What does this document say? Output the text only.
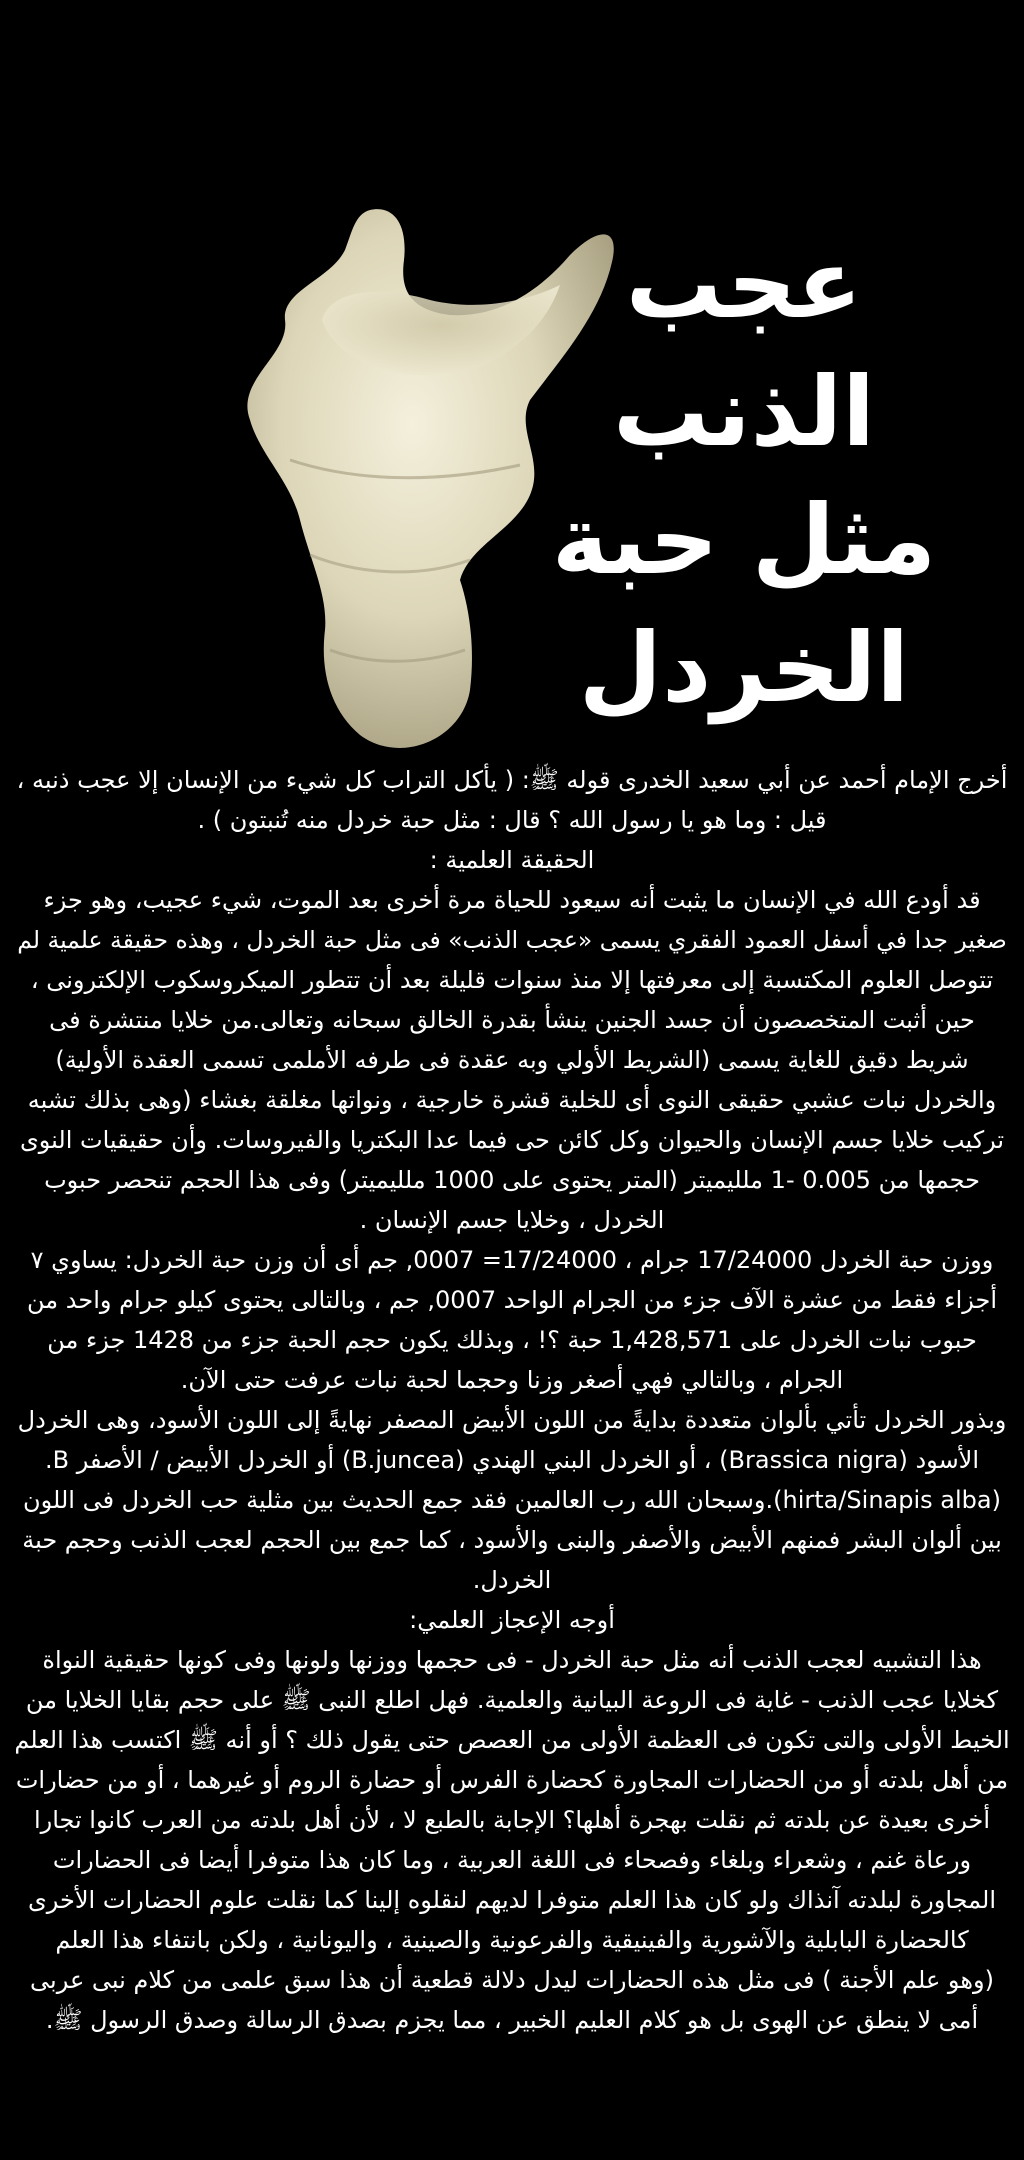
عجب
الذنب
مثل حبة
الخردل
أخرج الإمام أحمد عن أبي سعيد الخدرى قوله ﷺ: ( يأكل التراب كل شيء من الإنسان إلا عجب ذنبه ،
قيل : وما هو يا رسول الله ؟ قال : مثل حبة خردل منه تُنبتون ) .
الحقيقة العلمية :
قد أودع الله في الإنسان ما يثبت أنه سيعود للحياة مرة أخرى بعد الموت، شيء عجيب، وهو جزء
صغير جدا في أسفل العمود الفقري يسمى «عجب الذنب» فى مثل حبة الخردل ، وهذه حقيقة علمية لم
تتوصل العلوم المكتسبة إلى معرفتها إلا منذ سنوات قليلة بعد أن تتطور الميكروسكوب الإلكترونى ،
حين أثبت المتخصصون أن جسد الجنين ينشأ بقدرة الخالق سبحانه وتعالى.من خلايا منتشرة فى
شريط دقيق للغاية يسمى (الشريط الأولي وبه عقدة فى طرفه الأملمى تسمى العقدة الأولية)
والخردل نبات عشبي حقيقى النوى أى للخلية قشرة خارجية ، ونواتها مغلقة بغشاء (وهى بذلك تشبه
تركيب خلايا جسم الإنسان والحيوان وكل كائن حى فيما عدا البكتريا والفيروسات. وأن حقيقيات النوى
حجمها من 0.005 -1 ملليميتر (المتر يحتوى على 1000 ملليميتر) وفى هذا الحجم تنحصر حبوب
الخردل ، وخلايا جسم الإنسان .
ووزن حبة الخردل 17/24000 جرام ، 17/24000= 0007, جم أى أن وزن حبة الخردل: يساوي ٧
أجزاء فقط من عشرة الآف جزء من الجرام الواحد 0007, جم ، وبالتالى يحتوى كيلو جرام واحد من
حبوب نبات الخردل على 1,428,571 حبة ؟! ، وبذلك يكون حجم الحبة جزء من 1428 جزء من
الجرام ، وبالتالي فهي أصغر وزنا وحجما لحبة نبات عرفت حتى الآن.
وبذور الخردل تأتي بألوان متعددة بدايةً من اللون الأبيض المصفر نهايةً إلى اللون الأسود، وهى الخردل
الأسود (Brassica nigra) ، أو الخردل البني الهندي (B.juncea) أو الخردل الأبيض / الأصفر B.
(hirta/Sinapis alba).وسبحان الله رب العالمين فقد جمع الحديث بين مثلية حب الخردل فى اللون
بين ألوان البشر فمنهم الأبيض والأصفر والبنى والأسود ، كما جمع بين الحجم لعجب الذنب وحجم حبة
الخردل.
أوجه الإعجاز العلمي:
هذا التشبيه لعجب الذنب أنه مثل حبة الخردل - فى حجمها ووزنها ولونها وفى كونها حقيقية النواة
كخلايا عجب الذنب - غاية فى الروعة البيانية والعلمية. فهل اطلع النبى ﷺ على حجم بقايا الخلايا من
الخيط الأولى والتى تكون فى العظمة الأولى من العصص حتى يقول ذلك ؟ أو أنه ﷺ اكتسب هذا العلم
من أهل بلدته أو من الحضارات المجاورة كحضارة الفرس أو حضارة الروم أو غيرهما ، أو من حضارات
أخرى بعيدة عن بلدته ثم نقلت بهجرة أهلها؟ الإجابة بالطبع لا ، لأن أهل بلدته من العرب كانوا تجارا
ورعاة غنم ، وشعراء وبلغاء وفصحاء فى اللغة العربية ، وما كان هذا متوفرا أيضا فى الحضارات
المجاورة لبلدته آنذاك ولو كان هذا العلم متوفرا لديهم لنقلوه إلينا كما نقلت علوم الحضارات الأخرى
كالحضارة البابلية والآشورية والفينيقية والفرعونية والصينية ، واليونانية ، ولكن بانتفاء هذا العلم
(وهو علم الأجنة ) فى مثل هذه الحضارات ليدل دلالة قطعية أن هذا سبق علمى من كلام نبى عربى
أمى لا ينطق عن الهوى بل هو كلام العليم الخبير ، مما يجزم بصدق الرسالة وصدق الرسول ﷺ.
